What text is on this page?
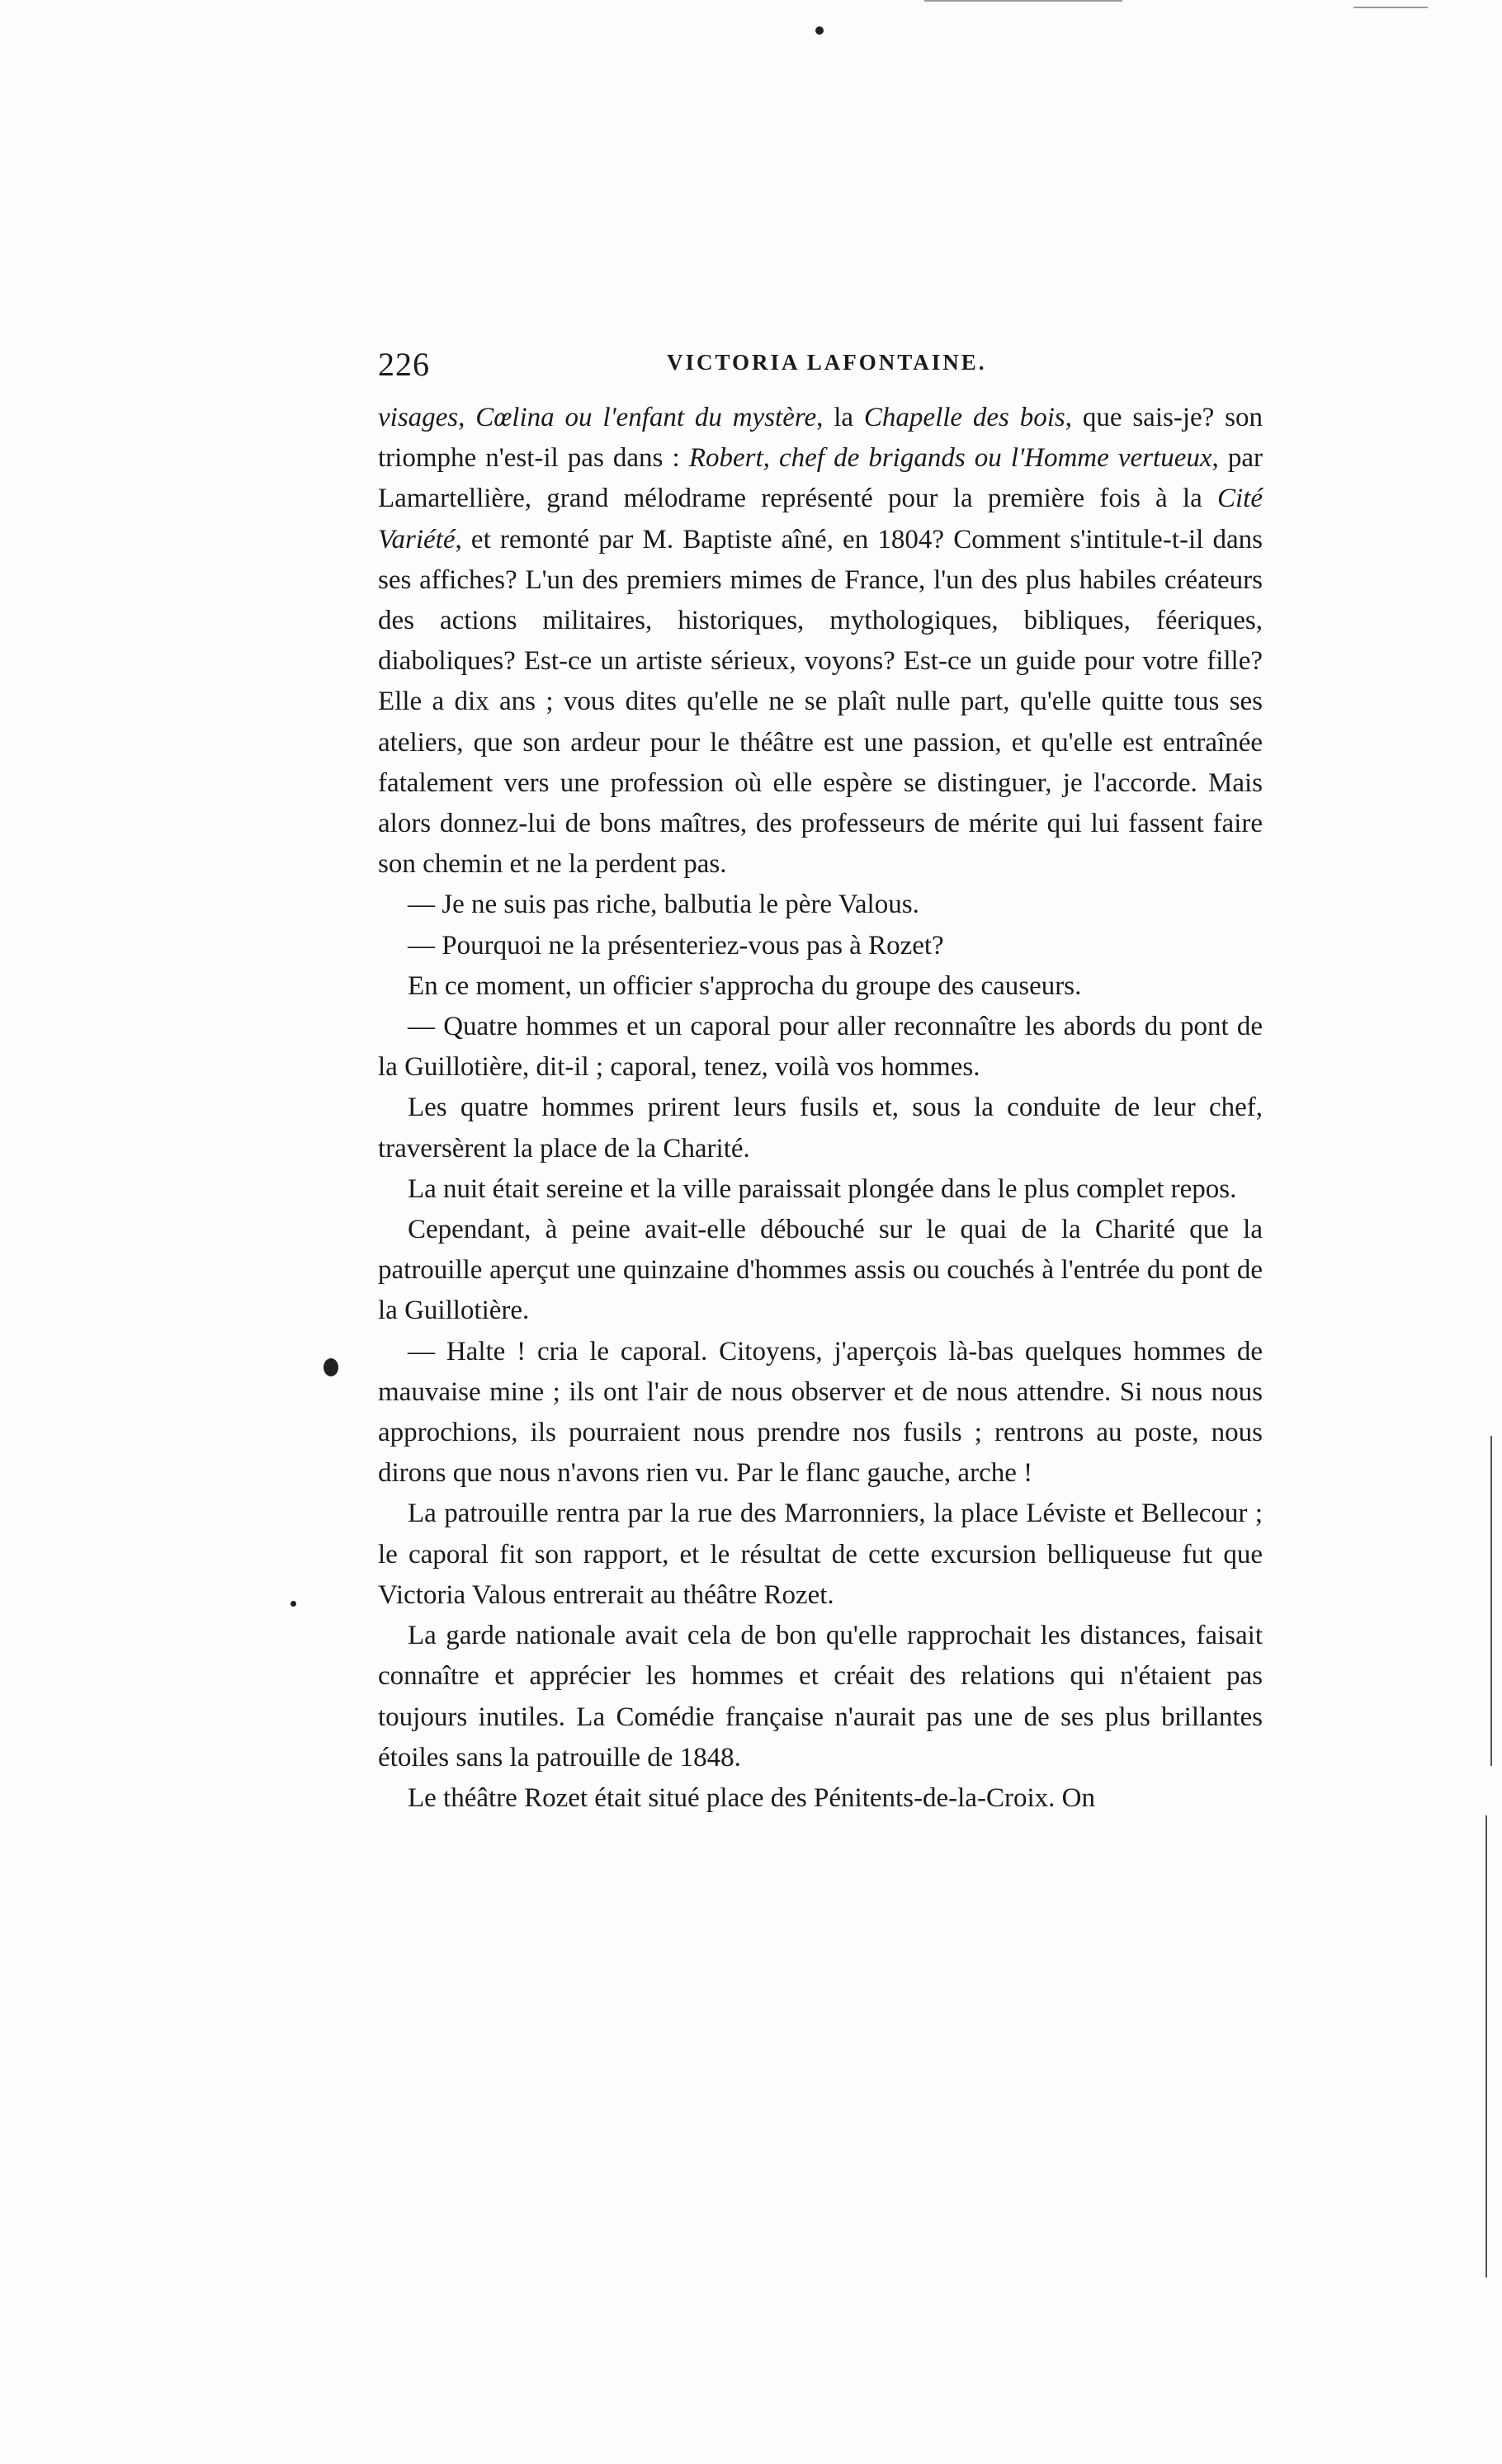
226	VICTORIA LAFONTAINE.

visages, Cœlina ou l'enfant du mystère, la Chapelle des bois, que sais-je? son triomphe n'est-il pas dans : Robert, chef de brigands ou l'Homme vertueux, par Lamartellière, grand mélodrame représenté pour la première fois à la Cité Variété, et remonté par M. Baptiste aîné, en 1804? Comment s'intitule-t-il dans ses affiches? L'un des premiers mimes de France, l'un des plus habiles créateurs des actions militaires, historiques, mythologiques, bibliques, féeriques, diaboliques? Est-ce un artiste sérieux, voyons? Est-ce un guide pour votre fille? Elle a dix ans ; vous dites qu'elle ne se plaît nulle part, qu'elle quitte tous ses ateliers, que son ardeur pour le théâtre est une passion, et qu'elle est entraînée fatalement vers une profession où elle espère se distinguer, je l'accorde. Mais alors donnez-lui de bons maîtres, des professeurs de mérite qui lui fassent faire son chemin et ne la perdent pas.

— Je ne suis pas riche, balbutia le père Valous.

— Pourquoi ne la présenteriez-vous pas à Rozet?

En ce moment, un officier s'approcha du groupe des causeurs.

— Quatre hommes et un caporal pour aller reconnaître les abords du pont de la Guillotière, dit-il ; caporal, tenez, voilà vos hommes.

Les quatre hommes prirent leurs fusils et, sous la conduite de leur chef, traversèrent la place de la Charité.

La nuit était sereine et la ville paraissait plongée dans le plus complet repos.

Cependant, à peine avait-elle débouché sur le quai de la Charité que la patrouille aperçut une quinzaine d'hommes assis ou couchés à l'entrée du pont de la Guillotière.

— Halte ! cria le caporal. Citoyens, j'aperçois là-bas quelques hommes de mauvaise mine ; ils ont l'air de nous observer et de nous attendre. Si nous nous approchions, ils pourraient nous prendre nos fusils ; rentrons au poste, nous dirons que nous n'avons rien vu. Par le flanc gauche, arche !

La patrouille rentra par la rue des Marronniers, la place Léviste et Bellecour ; le caporal fit son rapport, et le résultat de cette excursion belliqueuse fut que Victoria Valous entrerait au théâtre Rozet.

La garde nationale avait cela de bon qu'elle rapprochait les distances, faisait connaître et apprécier les hommes et créait des relations qui n'étaient pas toujours inutiles. La Comédie française n'aurait pas une de ses plus brillantes étoiles sans la patrouille de 1848.

Le théâtre Rozet était situé place des Pénitents-de-la-Croix. On
